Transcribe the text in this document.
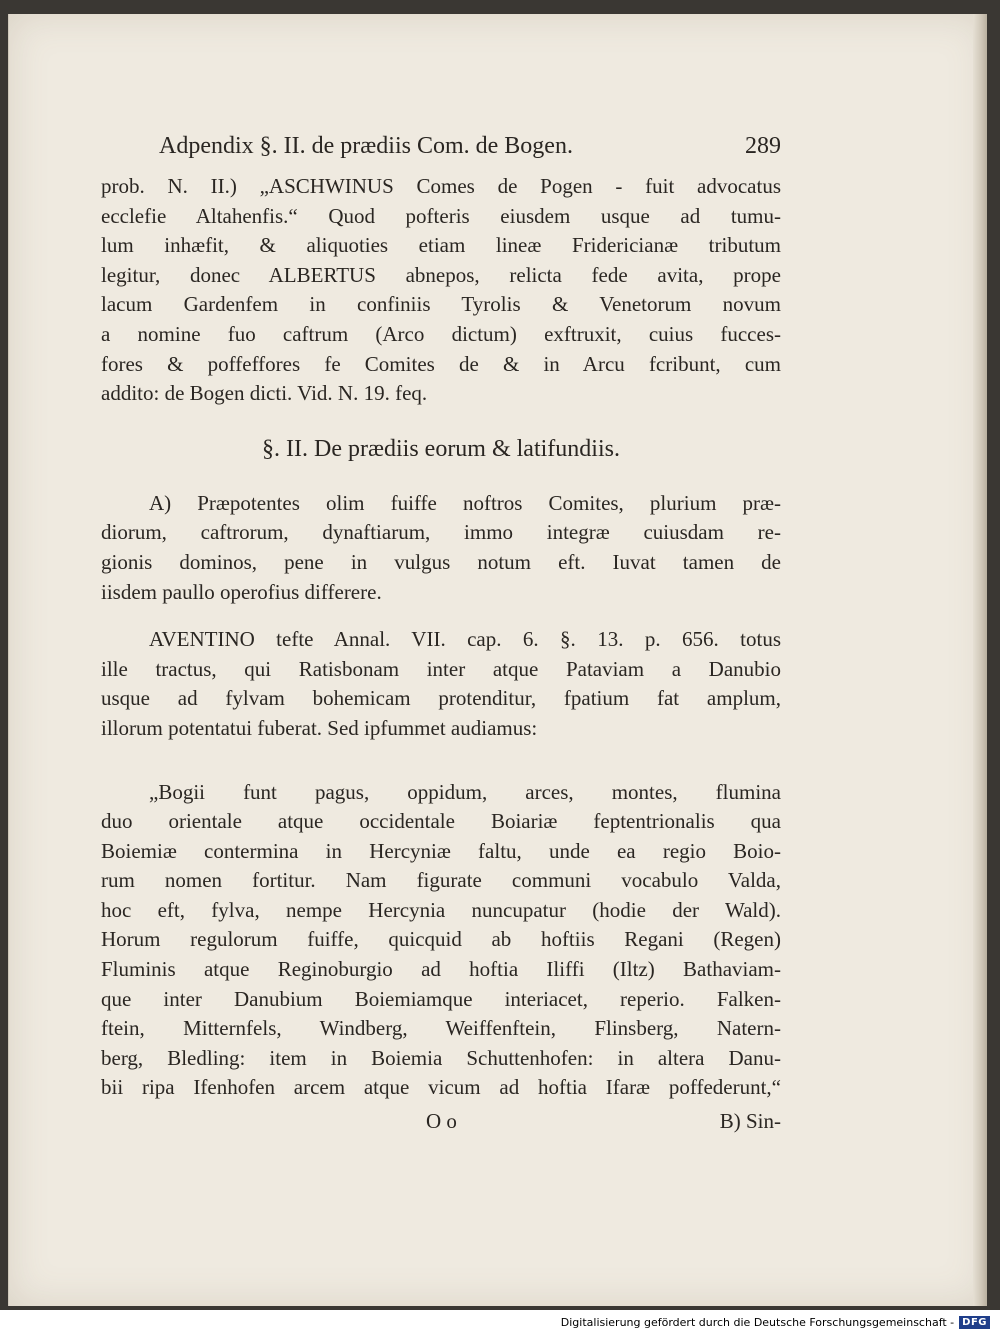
Adpendix §. II. de prædiis Com. de Bogen.	289
prob. N. II.) „ASCHWINUS Comes de Pogen - fuit advocatus
ecclefie Altahenfis.“ Quod pofteris eiusdem usque ad tumu-
lum inhæfit, & aliquoties etiam lineæ Fridericianæ tributum
legitur, donec ALBERTUS abnepos, relicta fede avita, prope
lacum Gardenfem in confiniis Tyrolis & Venetorum novum
a nomine fuo caftrum (Arco dictum) exftruxit, cuius fucces-
fores & poffeffores fe Comites de & in Arcu fcribunt, cum
addito: de Bogen dicti. Vid. N. 19. feq.
§. II. De prædiis eorum & latifundiis.
A) Præpotentes olim fuiffe noftros Comites, plurium præ-
diorum, caftrorum, dynaftiarum, immo integræ cuiusdam re-
gionis dominos, pene in vulgus notum eft. Iuvat tamen de
iisdem paullo operofius differere.
AVENTINO tefte Annal. VII. cap. 6. §. 13. p. 656. totus
ille tractus, qui Ratisbonam inter atque Pataviam a Danubio
usque ad fylvam bohemicam protenditur, fpatium fat amplum,
illorum potentatui fuberat. Sed ipfummet audiamus:
„Bogii funt pagus, oppidum, arces, montes, flumina
duo orientale atque occidentale Boiariæ feptentrionalis qua
Boiemiæ contermina in Hercyniæ faltu, unde ea regio Boio-
rum nomen fortitur. Nam figurate communi vocabulo Valda,
hoc eft, fylva, nempe Hercynia nuncupatur (hodie der Wald).
Horum regulorum fuiffe, quicquid ab hoftiis Regani (Regen)
Fluminis atque Reginoburgio ad hoftia Iliffi (Iltz) Bathaviam-
que inter Danubium Boiemiamque interiacet, reperio. Falken-
ftein, Mitternfels, Windberg, Weiffenftein, Flinsberg, Natern-
berg, Bledling: item in Boiemia Schuttenhofen: in altera Danu-
bii ripa Ifenhofen arcem atque vicum ad hoftia Ifaræ poffederunt,“
O o	B) Sin-
Digitalisierung gefördert durch die Deutsche Forschungsgemeinschaft - DFG
